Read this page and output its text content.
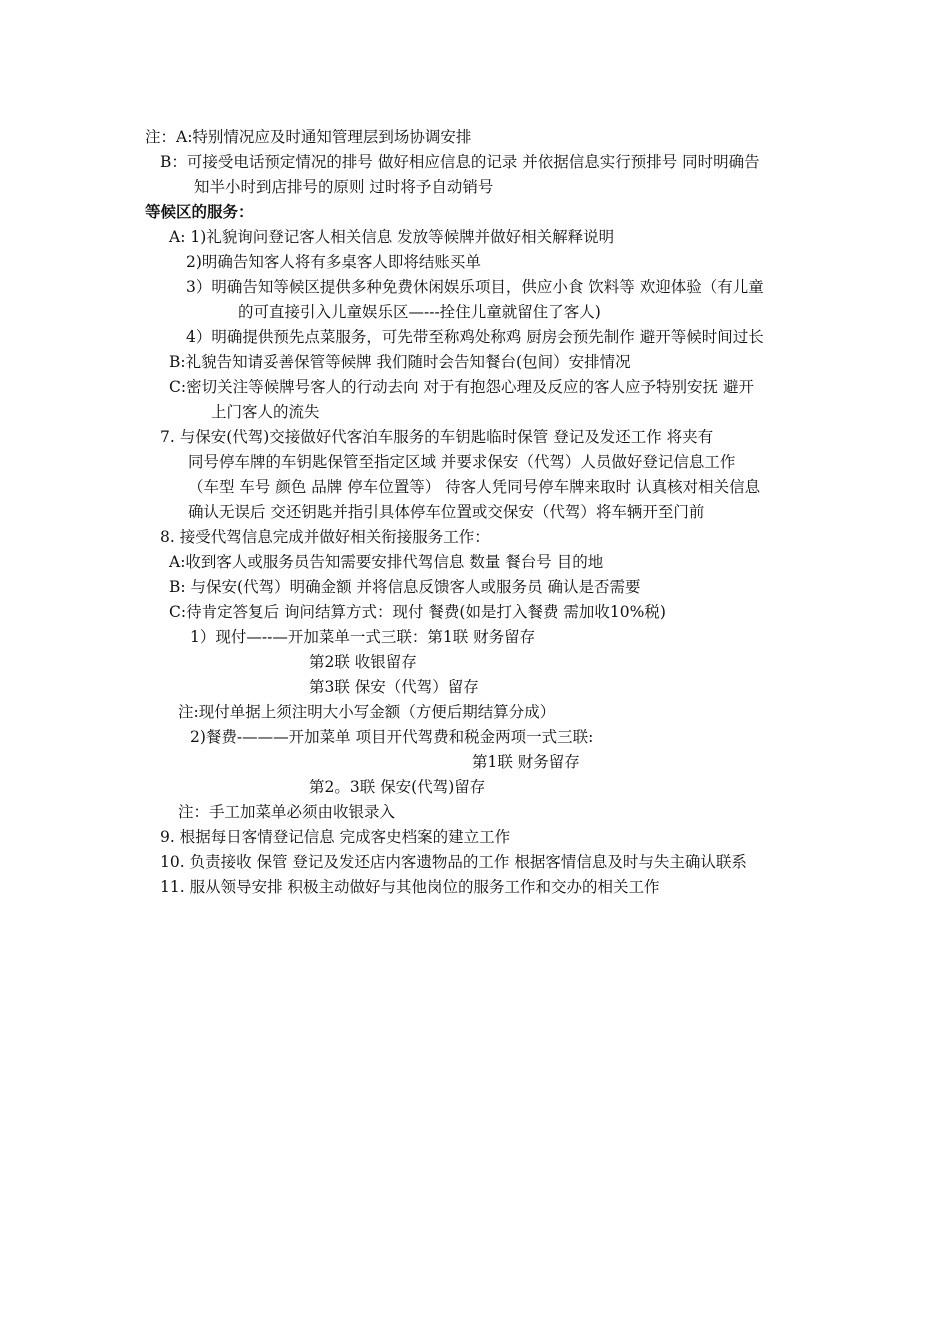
注：A:特别情况应及时通知管理层到场协调安排
B：可接受电话预定情况的排号 做好相应信息的记录 并依据信息实行预排号 同时明确告
知半小时到店排号的原则 过时将予自动销号
等候区的服务：
A: 1)礼貌询问登记客人相关信息 发放等候牌并做好相关解释说明
2)明确告知客人将有多桌客人即将结账买单
3）明确告知等候区提供多种免费休闲娱乐项目，供应小食 饮料等 欢迎体验（有儿童
的可直接引入儿童娱乐区—---拴住儿童就留住了客人)
4）明确提供预先点菜服务，可先带至称鸡处称鸡 厨房会预先制作 避开等候时间过长
B:礼貌告知请妥善保管等候牌 我们随时会告知餐台(包间）安排情况
C:密切关注等候牌号客人的行动去向 对于有抱怨心理及反应的客人应予特别安抚 避开
上门客人的流失
7. 与保安(代驾)交接做好代客泊车服务的车钥匙临时保管 登记及发还工作 将夹有
同号停车牌的车钥匙保管至指定区域 并要求保安（代驾）人员做好登记信息工作
（车型 车号 颜色 品牌 停车位置等） 待客人凭同号停车牌来取时 认真核对相关信息
确认无误后 交还钥匙并指引具体停车位置或交保安（代驾）将车辆开至门前
8. 接受代驾信息完成并做好相关衔接服务工作：
A:收到客人或服务员告知需要安排代驾信息 数量 餐台号 目的地
B: 与保安(代驾）明确金额 并将信息反馈客人或服务员 确认是否需要
C:待肯定答复后 询问结算方式：现付 餐费(如是打入餐费 需加收10%税)
1）现付—--—开加菜单一式三联：第1联 财务留存
第2联 收银留存
第3联 保安（代驾）留存
注:现付单据上须注明大小写金额（方便后期结算分成）
2)餐费-———开加菜单 项目开代驾费和税金两项一式三联:
第1联 财务留存
第2。3联 保安(代驾)留存
注：手工加菜单必须由收银录入
9. 根据每日客情登记信息 完成客史档案的建立工作
10. 负责接收 保管 登记及发还店内客遗物品的工作 根据客情信息及时与失主确认联系
11. 服从领导安排 积极主动做好与其他岗位的服务工作和交办的相关工作
